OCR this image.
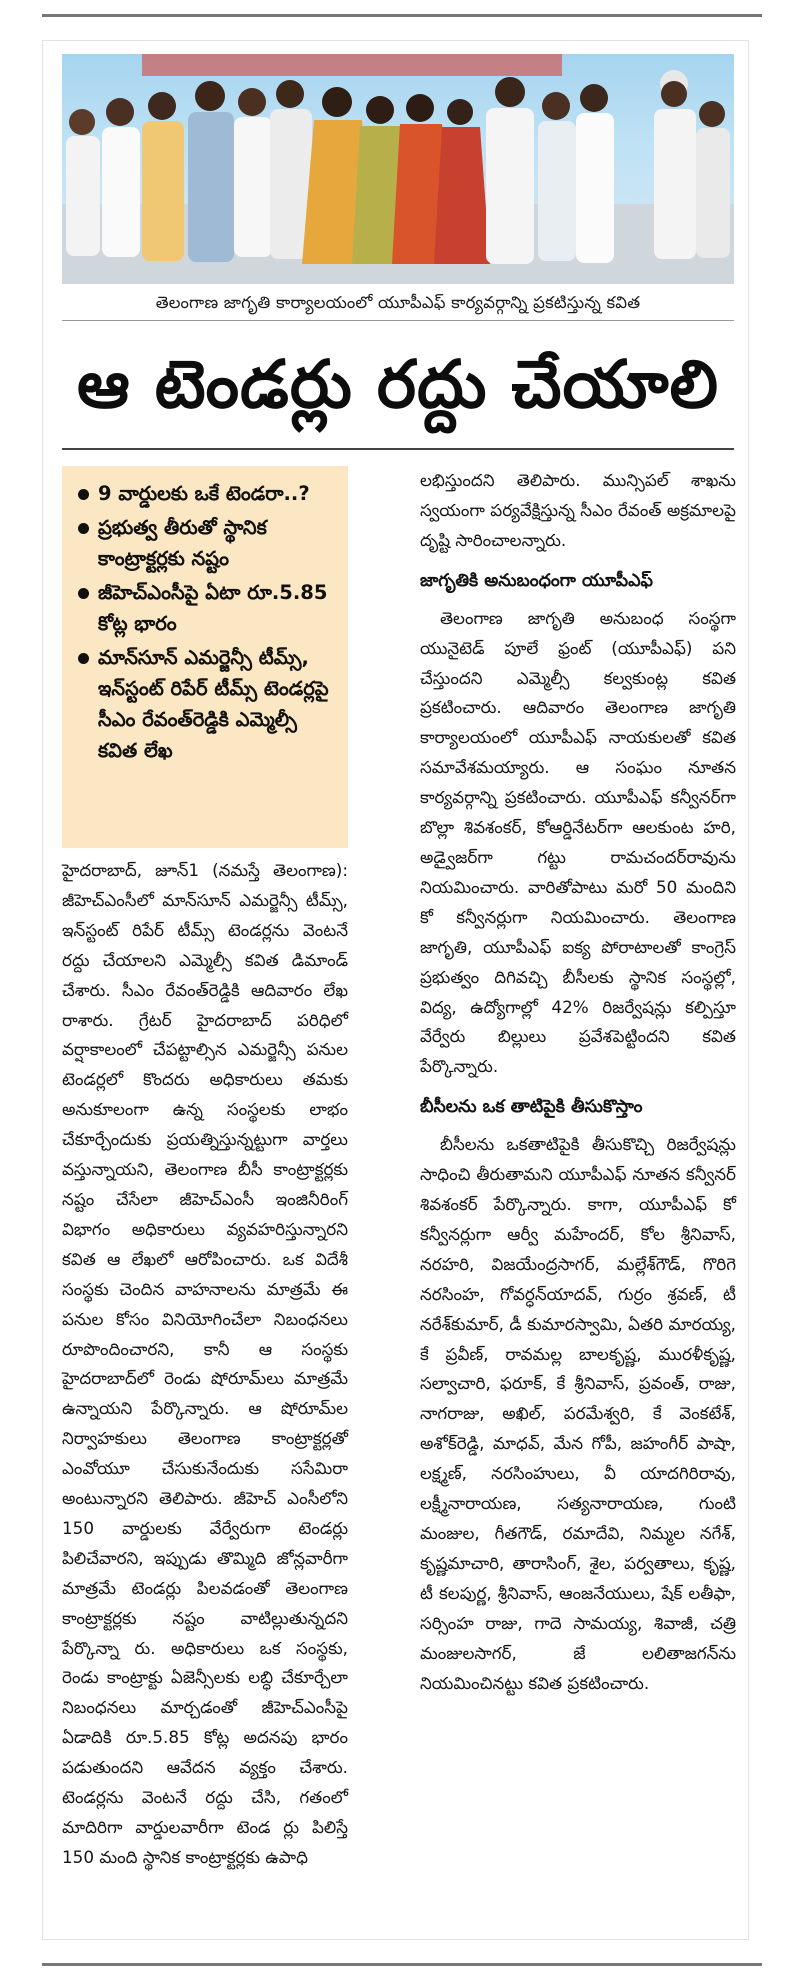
తెలంగాణ జాగృతి కార్యాలయంలో యూపీఎఫ్ కార్యవర్గాన్ని ప్రకటిస్తున్న కవిత
ఆ టెండర్లు రద్దు చేయాలి
9 వార్డులకు ఒకే టెండరా..?
ప్రభుత్వ తీరుతో స్థానిక కాంట్రాక్టర్లకు నష్టం
జీహెచ్‌ఎంసీపై ఏటా రూ.5.85 కోట్ల భారం
మాన్‌సూన్ ఎమర్జెన్సీ టీమ్స్, ఇన్‌స్టంట్ రిపేర్ టీమ్స్ టెండర్లపై సీఎం రేవంత్‌రెడ్డికి ఎమ్మెల్సీ కవిత లేఖ

హైదరాబాద్, జూన్1 (నమస్తే తెలంగాణ): జీహెచ్‌ఎంసీలో మాన్‌సూన్ ఎమర్జెన్సీ టీమ్స్, ఇన్‌స్టంట్ రిపేర్ టీమ్స్ టెండర్లను వెంటనే రద్దు చేయాలని ఎమ్మెల్సీ కవిత డిమాండ్ చేశారు. సీఎం రేవంత్‌రెడ్డికి ఆదివారం లేఖ రాశారు. గ్రేటర్ హైదరాబాద్ పరిధిలో వర్షాకాలంలో చేపట్టాల్సిన ఎమర్జెన్సీ పనుల టెండర్లలో కొందరు అధికారులు తమకు అనుకూలంగా ఉన్న సంస్థలకు లాభం చేకూర్చేందుకు ప్రయత్నిస్తున్నట్టుగా వార్తలు వస్తున్నాయని, తెలంగాణ బీసీ కాంట్రాక్టర్లకు నష్టం చేసేలా జీహెచ్‌ఎంసీ ఇంజినీరింగ్ విభాగం అధికారులు వ్యవహరిస్తున్నారని కవిత ఆ లేఖలో ఆరోపించారు. ఒక విదేశీ సంస్థకు చెందిన వాహనాలను మాత్రమే ఈ పనుల కోసం వినియోగించేలా నిబంధనలు రూపొందించారని, కానీ ఆ సంస్థకు హైదరాబాద్‌లో రెండు షోరూమ్‌లు మాత్రమే ఉన్నాయని పేర్కొన్నారు. ఆ షోరూమ్‌ల నిర్వాహకులు తెలంగాణ కాంట్రాక్టర్లతో ఎంవోయూ చేసుకునేందుకు ససేమిరా అంటున్నారని తెలిపారు. జీహెచ్ ఎంసీలోని 150 వార్డులకు వేర్వేరుగా టెండర్లు పిలిచేవారని, ఇప్పుడు తొమ్మిది జోన్లవారీగా మాత్రమే టెండర్లు పిలవడంతో తెలంగాణ కాంట్రాక్టర్లకు నష్టం వాటిల్లుతున్నదని పేర్కొన్నా రు. అధికారులు ఒక సంస్థకు, రెండు కాంట్రాక్టు ఏజెన్సీలకు లబ్ధి చేకూర్చేలా నిబంధనలు మార్చడంతో జీహెచ్‌ఎంసీపై ఏడాదికి రూ.5.85 కోట్ల అదనపు భారం పడుతుందని ఆవేదన వ్యక్తం చేశారు. టెండర్లను వెంటనే రద్దు చేసి, గతంలో మాదిరిగా వార్డులవారీగా టెండ ర్లు పిలిస్తే 150 మంది స్థానిక కాంట్రాక్టర్లకు ఉపాధి

లభిస్తుందని తెలిపారు. మున్సిపల్ శాఖను స్వయంగా పర్యవేక్షిస్తున్న సీఎం రేవంత్ అక్రమాలపై దృష్టి సారించాలన్నారు.

జాగృతికి అనుబంధంగా యూపీఎఫ్

తెలంగాణ జాగృతి అనుబంధ సంస్థగా యునైటెడ్ పూలే ఫ్రంట్ (యూపీఎఫ్) పని చేస్తుందని ఎమ్మెల్సీ కల్వకుంట్ల కవిత ప్రకటించారు. ఆదివారం తెలంగాణ జాగృతి కార్యాలయంలో యూపీఎఫ్ నాయకులతో కవిత సమావేశమయ్యారు. ఆ సంఘం నూతన కార్యవర్గాన్ని ప్రకటించారు. యూపీఎఫ్ కన్వీనర్‌గా బొల్లా శివశంకర్, కోఆర్డినేటర్‌గా ఆలకుంట హరి, అడ్వైజర్‌గా గట్టు రామచందర్‌రావును నియమించారు. వారితోపాటు మరో 50 మందిని కో కన్వీనర్లుగా నియమించారు. తెలంగాణ జాగృతి, యూపీఎఫ్ ఐక్య పోరాటాలతో కాంగ్రెస్ ప్రభుత్వం దిగివచ్చి బీసీలకు స్థానిక సంస్థల్లో, విద్య, ఉద్యోగాల్లో 42% రిజర్వేషన్లు కల్పిస్తూ వేర్వేరు బిల్లులు ప్రవేశపెట్టిందని కవిత పేర్కొన్నారు.

బీసీలను ఒక తాటిపైకి తీసుకొస్తాం

బీసీలను ఒకతాటిపైకి తీసుకొచ్చి రిజర్వేషన్లు సాధించి తీరుతామని యూపీఎఫ్ నూతన కన్వీనర్ శివశంకర్ పేర్కొన్నారు. కాగా, యూపీఎఫ్ కో కన్వీనర్లుగా ఆర్వీ మహేందర్, కోల శ్రీనివాస్, నరహరి, విజయేంద్రసాగర్, మల్లేశ్‌గౌడ్, గొరిగె నరసింహ, గోవర్ధన్‌యాదవ్, గుర్రం శ్రవణ్, టీ నరేశ్‌కుమార్, డీ కుమారస్వామి, ఏతరి మారయ్య, కే ప్రవీణ్, రావమల్ల బాలకృష్ణ, మురళీకృష్ణ, సల్వాచారి, ఫరూక్, కే శ్రీనివాస్, ప్రవంత్, రాజు, నాగరాజు, అఖిల్, పరమేశ్వరి, కే వెంకటేశ్, అశోక్‌రెడ్డి, మాధవ్, మేన గోపీ, జహంగీర్ పాషా, లక్ష్మణ్, నరసింహులు, వీ యాదగిరిరావు, లక్ష్మీనారాయణ, సత్యనారాయణ, గుంటి మంజుల, గీతగౌడ్, రమాదేవి, నిమ్మల నగేశ్, కృష్ణమాచారి, తారాసింగ్, శైల, పర్వతాలు, కృష్ణ, టీ కలపుర్ణ, శ్రీనివాస్, ఆంజనేయులు, షేక్ లతీఫా, సర్సింహ రాజు, గాదె సామయ్య, శివాజీ, చత్రి మంజులసాగర్, జే లలితాజగన్‌ను నియమించినట్టు కవిత ప్రకటించారు.
